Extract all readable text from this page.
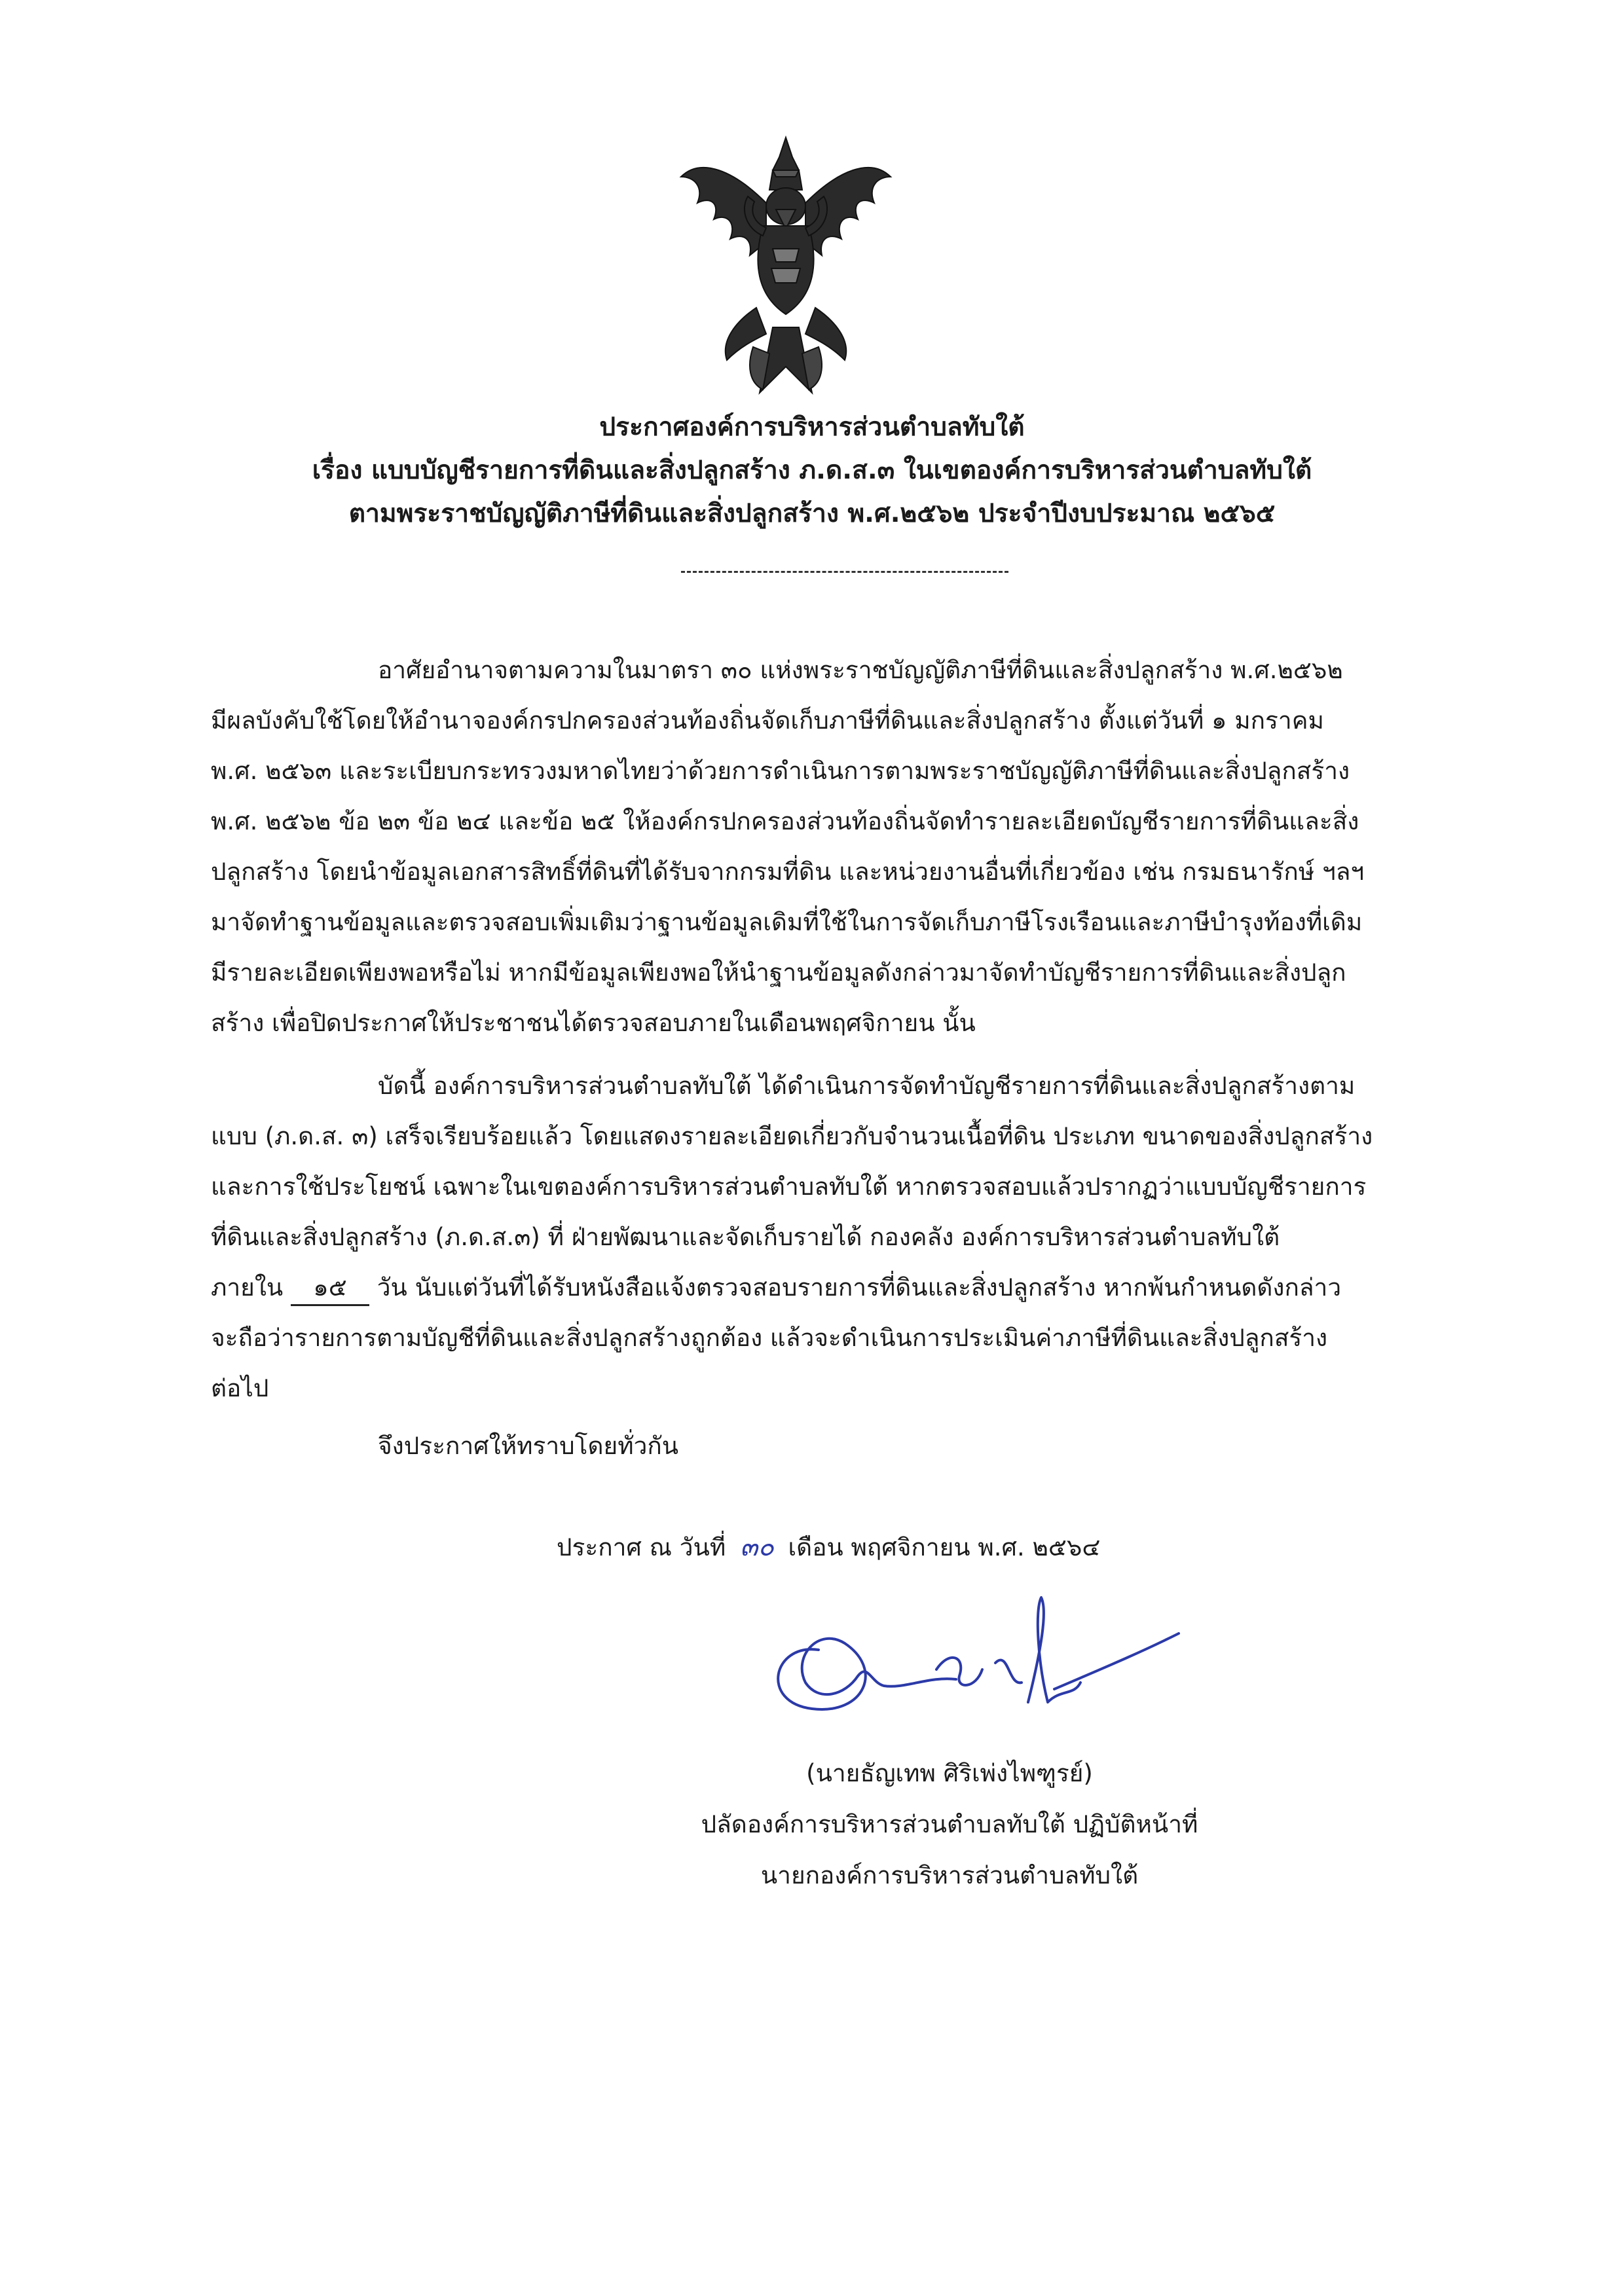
ประกาศองค์การบริหารส่วนตำบลทับใต้
เรื่อง แบบบัญชีรายการที่ดินและสิ่งปลูกสร้าง ภ.ด.ส.๓ ในเขตองค์การบริหารส่วนตำบลทับใต้
ตามพระราชบัญญัติภาษีที่ดินและสิ่งปลูกสร้าง พ.ศ.๒๕๖๒ ประจำปีงบประมาณ ๒๕๖๕
อาศัยอำนาจตามความในมาตรา ๓๐ แห่งพระราชบัญญัติภาษีที่ดินและสิ่งปลูกสร้าง พ.ศ.๒๕๖๒
มีผลบังคับใช้โดยให้อำนาจองค์กรปกครองส่วนท้องถิ่นจัดเก็บภาษีที่ดินและสิ่งปลูกสร้าง ตั้งแต่วันที่ ๑ มกราคม
พ.ศ. ๒๕๖๓ และระเบียบกระทรวงมหาดไทยว่าด้วยการดำเนินการตามพระราชบัญญัติภาษีที่ดินและสิ่งปลูกสร้าง
พ.ศ. ๒๕๖๒ ข้อ ๒๓ ข้อ ๒๔ และข้อ ๒๕ ให้องค์กรปกครองส่วนท้องถิ่นจัดทำรายละเอียดบัญชีรายการที่ดินและสิ่ง
ปลูกสร้าง โดยนำข้อมูลเอกสารสิทธิ์ที่ดินที่ได้รับจากกรมที่ดิน และหน่วยงานอื่นที่เกี่ยวข้อง เช่น กรมธนารักษ์ ฯลฯ
มาจัดทำฐานข้อมูลและตรวจสอบเพิ่มเติมว่าฐานข้อมูลเดิมที่ใช้ในการจัดเก็บภาษีโรงเรือนและภาษีบำรุงท้องที่เดิม
มีรายละเอียดเพียงพอหรือไม่ หากมีข้อมูลเพียงพอให้นำฐานข้อมูลดังกล่าวมาจัดทำบัญชีรายการที่ดินและสิ่งปลูก
สร้าง เพื่อปิดประกาศให้ประชาชนได้ตรวจสอบภายในเดือนพฤศจิกายน นั้น
บัดนี้ องค์การบริหารส่วนตำบลทับใต้ ได้ดำเนินการจัดทำบัญชีรายการที่ดินและสิ่งปลูกสร้างตาม
แบบ (ภ.ด.ส. ๓) เสร็จเรียบร้อยแล้ว โดยแสดงรายละเอียดเกี่ยวกับจำนวนเนื้อที่ดิน ประเภท ขนาดของสิ่งปลูกสร้าง
และการใช้ประโยชน์ เฉพาะในเขตองค์การบริหารส่วนตำบลทับใต้ หากตรวจสอบแล้วปรากฏว่าแบบบัญชีรายการ
ที่ดินและสิ่งปลูกสร้าง (ภ.ด.ส.๓) ที่ ฝ่ายพัฒนาและจัดเก็บรายได้ กองคลัง องค์การบริหารส่วนตำบลทับใต้
ภายใน ๑๕ วัน นับแต่วันที่ได้รับหนังสือแจ้งตรวจสอบรายการที่ดินและสิ่งปลูกสร้าง หากพ้นกำหนดดังกล่าว
จะถือว่ารายการตามบัญชีที่ดินและสิ่งปลูกสร้างถูกต้อง แล้วจะดำเนินการประเมินค่าภาษีที่ดินและสิ่งปลูกสร้าง
ต่อไป
จึงประกาศให้ทราบโดยทั่วกัน
ประกาศ ณ วันที่ ๓๐ เดือน พฤศจิกายน พ.ศ. ๒๕๖๔
(นายธัญเทพ ศิริเพ่งไพฑูรย์)
ปลัดองค์การบริหารส่วนตำบลทับใต้ ปฏิบัติหน้าที่
นายกองค์การบริหารส่วนตำบลทับใต้
